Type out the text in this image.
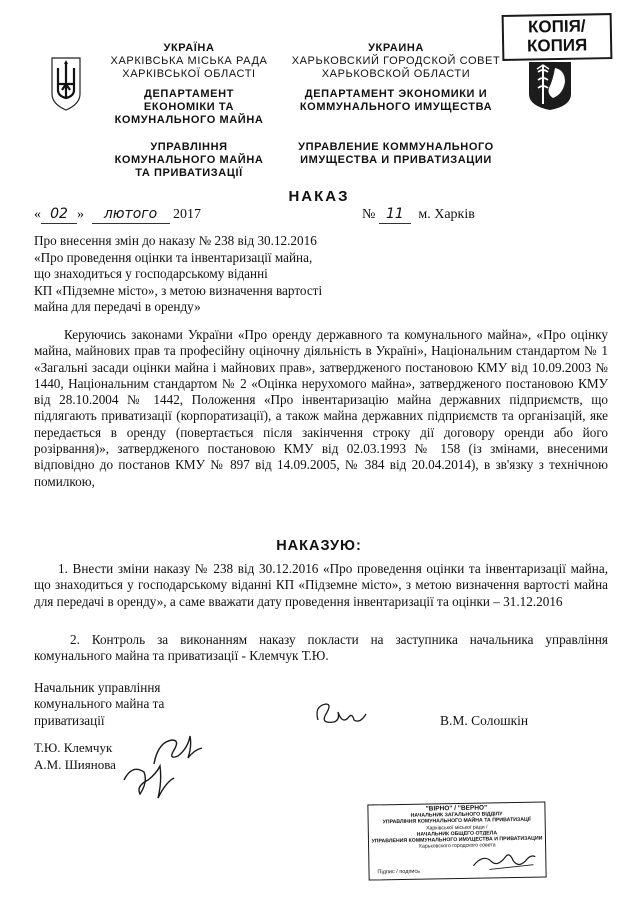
КОПІЯ/
КОПИЯ
УКРАЇНА
ХАРКІВСЬКА МІСЬКА РАДА
ХАРКІВСЬКОЇ ОБЛАСТІ
ДЕПАРТАМЕНТ
ЕКОНОМІКИ ТА
КОМУНАЛЬНОГО МАЙНА
УПРАВЛІННЯ
КОМУНАЛЬНОГО МАЙНА
ТА ПРИВАТИЗАЦІЇ
УКРАИНА
ХАРЬКОВСКИЙ ГОРОДСКОЙ СОВЕТ
ХАРЬКОВСКОЙ ОБЛАСТИ
ДЕПАРТАМЕНТ ЭКОНОМИКИ И
КОММУНАЛЬНОГО ИМУЩЕСТВА
УПРАВЛЕНИЕ КОММУНАЛЬНОГО
ИМУЩЕСТВА И ПРИВАТИЗАЦИИ
НАКАЗ
« 02 » лютого 2017	№ 11 м. Харків
Про внесення змін до наказу № 238 від 30.12.2016
«Про проведення оцінки та інвентаризації майна,
що знаходиться у господарському віданні
КП «Підземне місто», з метою визначення вартості
майна для передачі в оренду»
Керуючись законами України «Про оренду державного та комунального майна», «Про оцінку майна, майнових прав та професійну оціночну діяльність в Україні», Національним стандартом № 1 «Загальні засади оцінки майна і майнових прав», затвердженого постановою КМУ від 10.09.2003 № 1440, Національним стандартом № 2 «Оцінка нерухомого майна», затвердженого постановою КМУ від 28.10.2004 № 1442, Положення «Про інвентаризацію майна державних підприємств, що підлягають приватизації (корпоратизації), а також майна державних підприємств та організацій, яке передається в оренду (повертається після закінчення строку дії договору оренди або його розірвання)», затвердженого постановою КМУ від 02.03.1993 № 158 (із змінами, внесеними відповідно до постанов КМУ № 897 від 14.09.2005, № 384 від 20.04.2014), в зв'язку з технічною помилкою,
НАКАЗУЮ:
1. Внести зміни наказу № 238 від 30.12.2016 «Про проведення оцінки та інвентаризації майна, що знаходиться у господарському віданні КП «Підземне місто», з метою визначення вартості майна для передачі в оренду», а саме вважати дату проведення інвентаризації та оцінки – 31.12.2016
2. Контроль за виконанням наказу покласти на заступника начальника управління комунального майна та приватизації - Клемчук Т.Ю.
Начальник управління
комунального майна та
приватизації	В.М. Солошкін
Т.Ю. Клемчук
А.М. Шиянова
"ВІРНО" / "ВЕРНО"
НАЧАЛЬНИК ЗАГАЛЬНОГО ВІДДІЛУ
УПРАВЛІННЯ КОМУНАЛЬНОГО МАЙНА ТА ПРИВАТИЗАЦІЇ
Харківської міської ради /
НАЧАЛЬНИК ОБЩЕГО ОТДЕЛА
УПРАВЛЕНИЯ КОММУНАЛЬНОГО ИМУЩЕСТВА И ПРИВАТИЗАЦИИ
Харьковского городского совета
Підпис / подпись
